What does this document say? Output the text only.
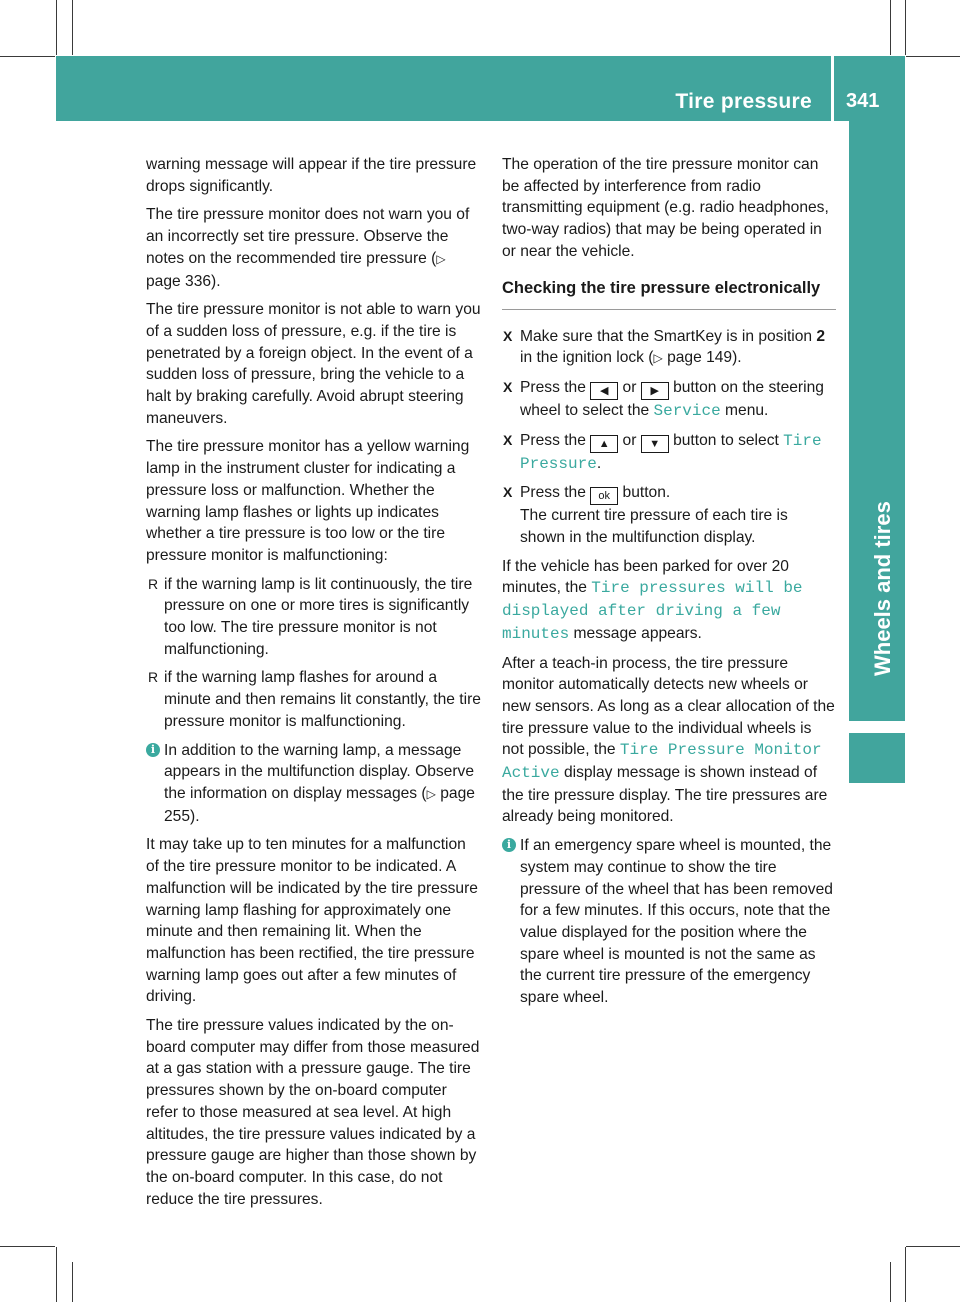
Tire pressure 341
Wheels and tires

warning message will appear if the tire pressure drops significantly.

The tire pressure monitor does not warn you of an incorrectly set tire pressure. Observe the notes on the recommended tire pressure (▷ page 336).

The tire pressure monitor is not able to warn you of a sudden loss of pressure, e.g. if the tire is penetrated by a foreign object. In the event of a sudden loss of pressure, bring the vehicle to a halt by braking carefully. Avoid abrupt steering maneuvers.

The tire pressure monitor has a yellow warning lamp in the instrument cluster for indicating a pressure loss or malfunction. Whether the warning lamp flashes or lights up indicates whether a tire pressure is too low or the tire pressure monitor is malfunctioning:

R if the warning lamp is lit continuously, the tire pressure on one or more tires is significantly too low. The tire pressure monitor is not malfunctioning.
R if the warning lamp flashes for around a minute and then remains lit constantly, the tire pressure monitor is malfunctioning.
i In addition to the warning lamp, a message appears in the multifunction display. Observe the information on display messages (▷ page 255).

It may take up to ten minutes for a malfunction of the tire pressure monitor to be indicated. A malfunction will be indicated by the tire pressure warning lamp flashing for approximately one minute and then remaining lit. When the malfunction has been rectified, the tire pressure warning lamp goes out after a few minutes of driving.

The tire pressure values indicated by the on-board computer may differ from those measured at a gas station with a pressure gauge. The tire pressures shown by the on-board computer refer to those measured at sea level. At high altitudes, the tire pressure values indicated by a pressure gauge are higher than those shown by the on-board computer. In this case, do not reduce the tire pressures.

The operation of the tire pressure monitor can be affected by interference from radio transmitting equipment (e.g. radio headphones, two-way radios) that may be being operated in or near the vehicle.

Checking the tire pressure electronically
X Make sure that the SmartKey is in position 2 in the ignition lock (▷ page 149).
X Press the ◀ or ▶ button on the steering wheel to select the Service menu.
X Press the ▲ or ▼ button to select Tire Pressure.
X Press the ok button.
The current tire pressure of each tire is shown in the multifunction display.

If the vehicle has been parked for over 20 minutes, the Tire pressures will be displayed after driving a few minutes message appears.

After a teach-in process, the tire pressure monitor automatically detects new wheels or new sensors. As long as a clear allocation of the tire pressure value to the individual wheels is not possible, the Tire Pressure Monitor Active display message is shown instead of the tire pressure display. The tire pressures are already being monitored.

i If an emergency spare wheel is mounted, the system may continue to show the tire pressure of the wheel that has been removed for a few minutes. If this occurs, note that the value displayed for the position where the spare wheel is mounted is not the same as the current tire pressure of the emergency spare wheel.
